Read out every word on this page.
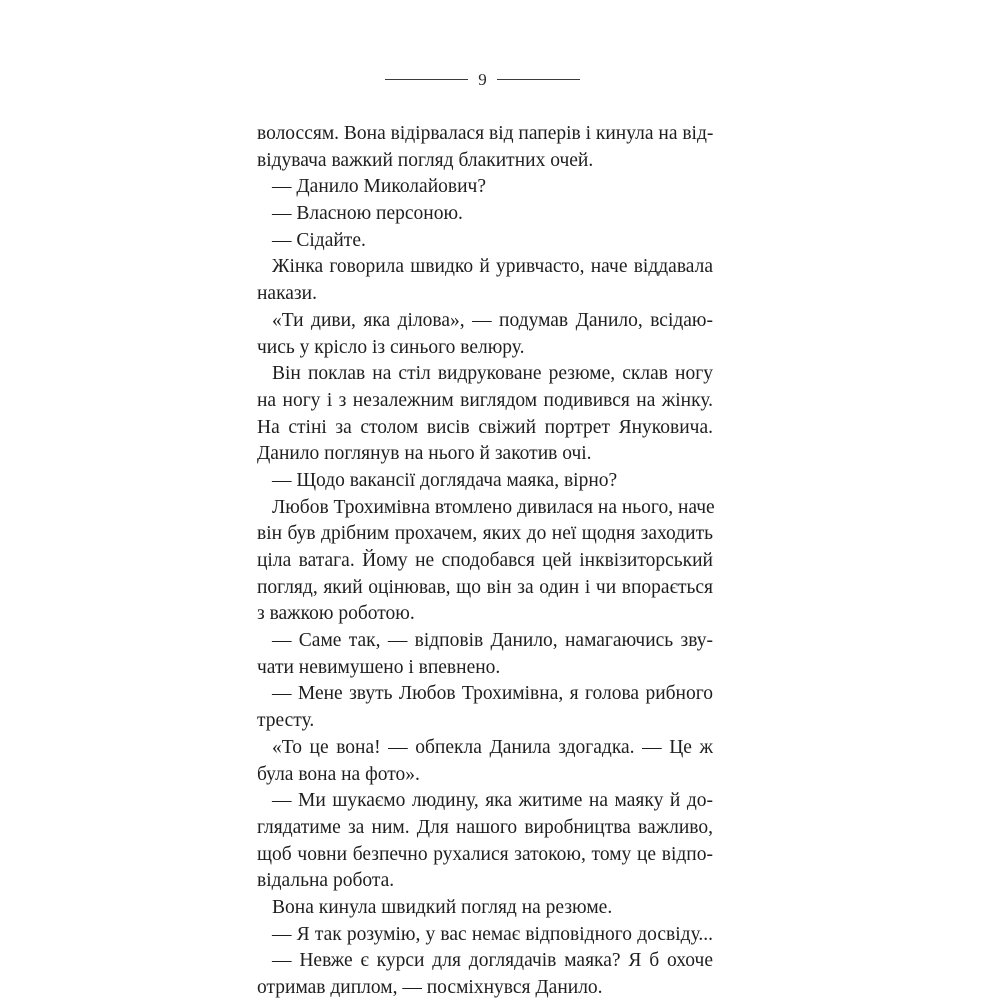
9
волоссям. Вона відірвалася від паперів і кинула на від-
відувача важкий погляд блакитних очей.
— Данило Миколайович?
— Власною персоною.
— Сідайте.
Жінка говорила швидко й уривчасто, наче віддавала
накази.
«Ти диви, яка ділова», — подумав Данило, всідаю-
чись у крісло із синього велюру.
Він поклав на стіл видруковане резюме, склав ногу
на ногу і з незалежним виглядом подивився на жінку.
На стіні за столом висів свіжий портрет Януковича.
Данило поглянув на нього й закотив очі.
— Щодо вакансії доглядача маяка, вірно?
Любов Трохимівна втомлено дивилася на нього, наче
він був дрібним прохачем, яких до неї щодня заходить
ціла ватага. Йому не сподобався цей інквізиторський
погляд, який оцінював, що він за один і чи впорається
з важкою роботою.
— Саме так, — відповів Данило, намагаючись зву-
чати невимушено і впевнено.
— Мене звуть Любов Трохимівна, я голова рибного
тресту.
«То це вона! — обпекла Данила здогадка. — Це ж
була вона на фото».
— Ми шукаємо людину, яка житиме на маяку й до-
глядатиме за ним. Для нашого виробництва важливо,
щоб човни безпечно рухалися затокою, тому це відпо-
відальна робота.
Вона кинула швидкий погляд на резюме.
— Я так розумію, у вас немає відповідного досвіду...
— Невже є курси для доглядачів маяка? Я б охоче
отримав диплом, — посміхнувся Данило.
